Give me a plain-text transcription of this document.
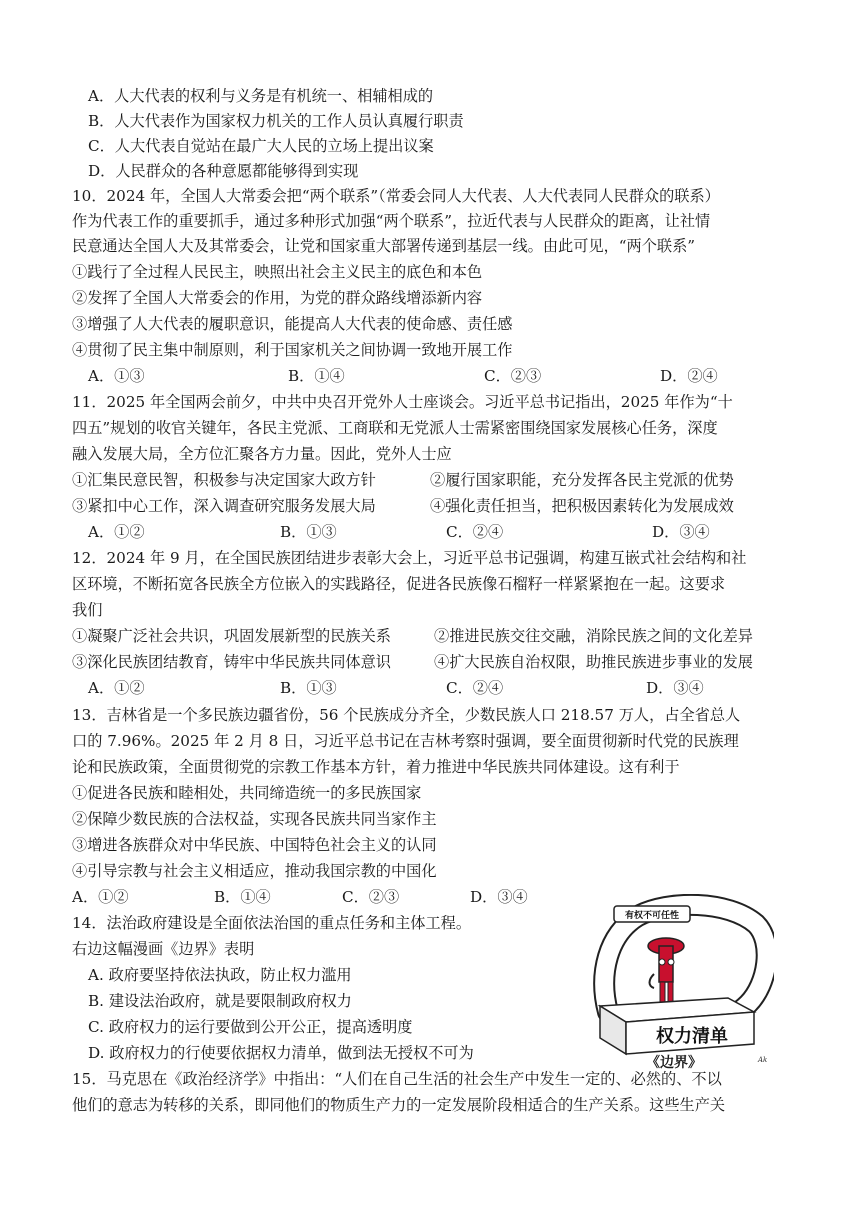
A．人大代表的权利与义务是有机统一、相辅相成的
B．人大代表作为国家权力机关的工作人员认真履行职责
C．人大代表自觉站在最广大人民的立场上提出议案
D．人民群众的各种意愿都能够得到实现
10．2024 年，全国人大常委会把“两个联系”（常委会同人大代表、人大代表同人民群众的联系）
作为代表工作的重要抓手，通过多种形式加强“两个联系”，拉近代表与人民群众的距离，让社情
民意通达全国人大及其常委会，让党和国家重大部署传递到基层一线。由此可见，“两个联系”
①践行了全过程人民民主，映照出社会主义民主的底色和本色
②发挥了全国人大常委会的作用，为党的群众路线增添新内容
③增强了人大代表的履职意识，能提高人大代表的使命感、责任感
④贯彻了民主集中制原则，利于国家机关之间协调一致地开展工作
A．①③	B．①④	C．②③	D．②④
11．2025 年全国两会前夕，中共中央召开党外人士座谈会。习近平总书记指出，2025 年作为“十
四五”规划的收官关键年，各民主党派、工商联和无党派人士需紧密围绕国家发展核心任务，深度
融入发展大局，全方位汇聚各方力量。因此，党外人士应
①汇集民意民智，积极参与决定国家大政方针	②履行国家职能，充分发挥各民主党派的优势
③紧扣中心工作，深入调查研究服务发展大局	④强化责任担当，把积极因素转化为发展成效
A．①②	B．①③	C．②④	D．③④
12．2024 年 9 月，在全国民族团结进步表彰大会上，习近平总书记强调，构建互嵌式社会结构和社
区环境，不断拓宽各民族全方位嵌入的实践路径，促进各民族像石榴籽一样紧紧抱在一起。这要求
我们
①凝聚广泛社会共识，巩固发展新型的民族关系	②推进民族交往交融，消除民族之间的文化差异
③深化民族团结教育，铸牢中华民族共同体意识	④扩大民族自治权限，助推民族进步事业的发展
A．①②	B．①③	C．②④	D．③④
13．吉林省是一个多民族边疆省份，56 个民族成分齐全，少数民族人口 218.57 万人，占全省总人
口的 7.96%。2025 年 2 月 8 日，习近平总书记在吉林考察时强调，要全面贯彻新时代党的民族理
论和民族政策，全面贯彻党的宗教工作基本方针，着力推进中华民族共同体建设。这有利于
①促进各民族和睦相处，共同缔造统一的多民族国家
②保障少数民族的合法权益，实现各民族共同当家作主
③增进各族群众对中华民族、中国特色社会主义的认同
④引导宗教与社会主义相适应，推动我国宗教的中国化
A．①②	B．①④	C．②③	D．③④
14．法治政府建设是全面依法治国的重点任务和主体工程。
右边这幅漫画《边界》表明
A. 政府要坚持依法执政，防止权力滥用
B. 建设法治政府，就是要限制政府权力
C. 政府权力的运行要做到公开公正，提高透明度
D. 政府权力的行使要依据权力清单，做到法无授权不可为
有权不可任性
权力清单
Ak
《边界》
15．马克思在《政治经济学》中指出：“人们在自己生活的社会生产中发生一定的、必然的、不以
他们的意志为转移的关系，即同他们的物质生产力的一定发展阶段相适合的生产关系。这些生产关
